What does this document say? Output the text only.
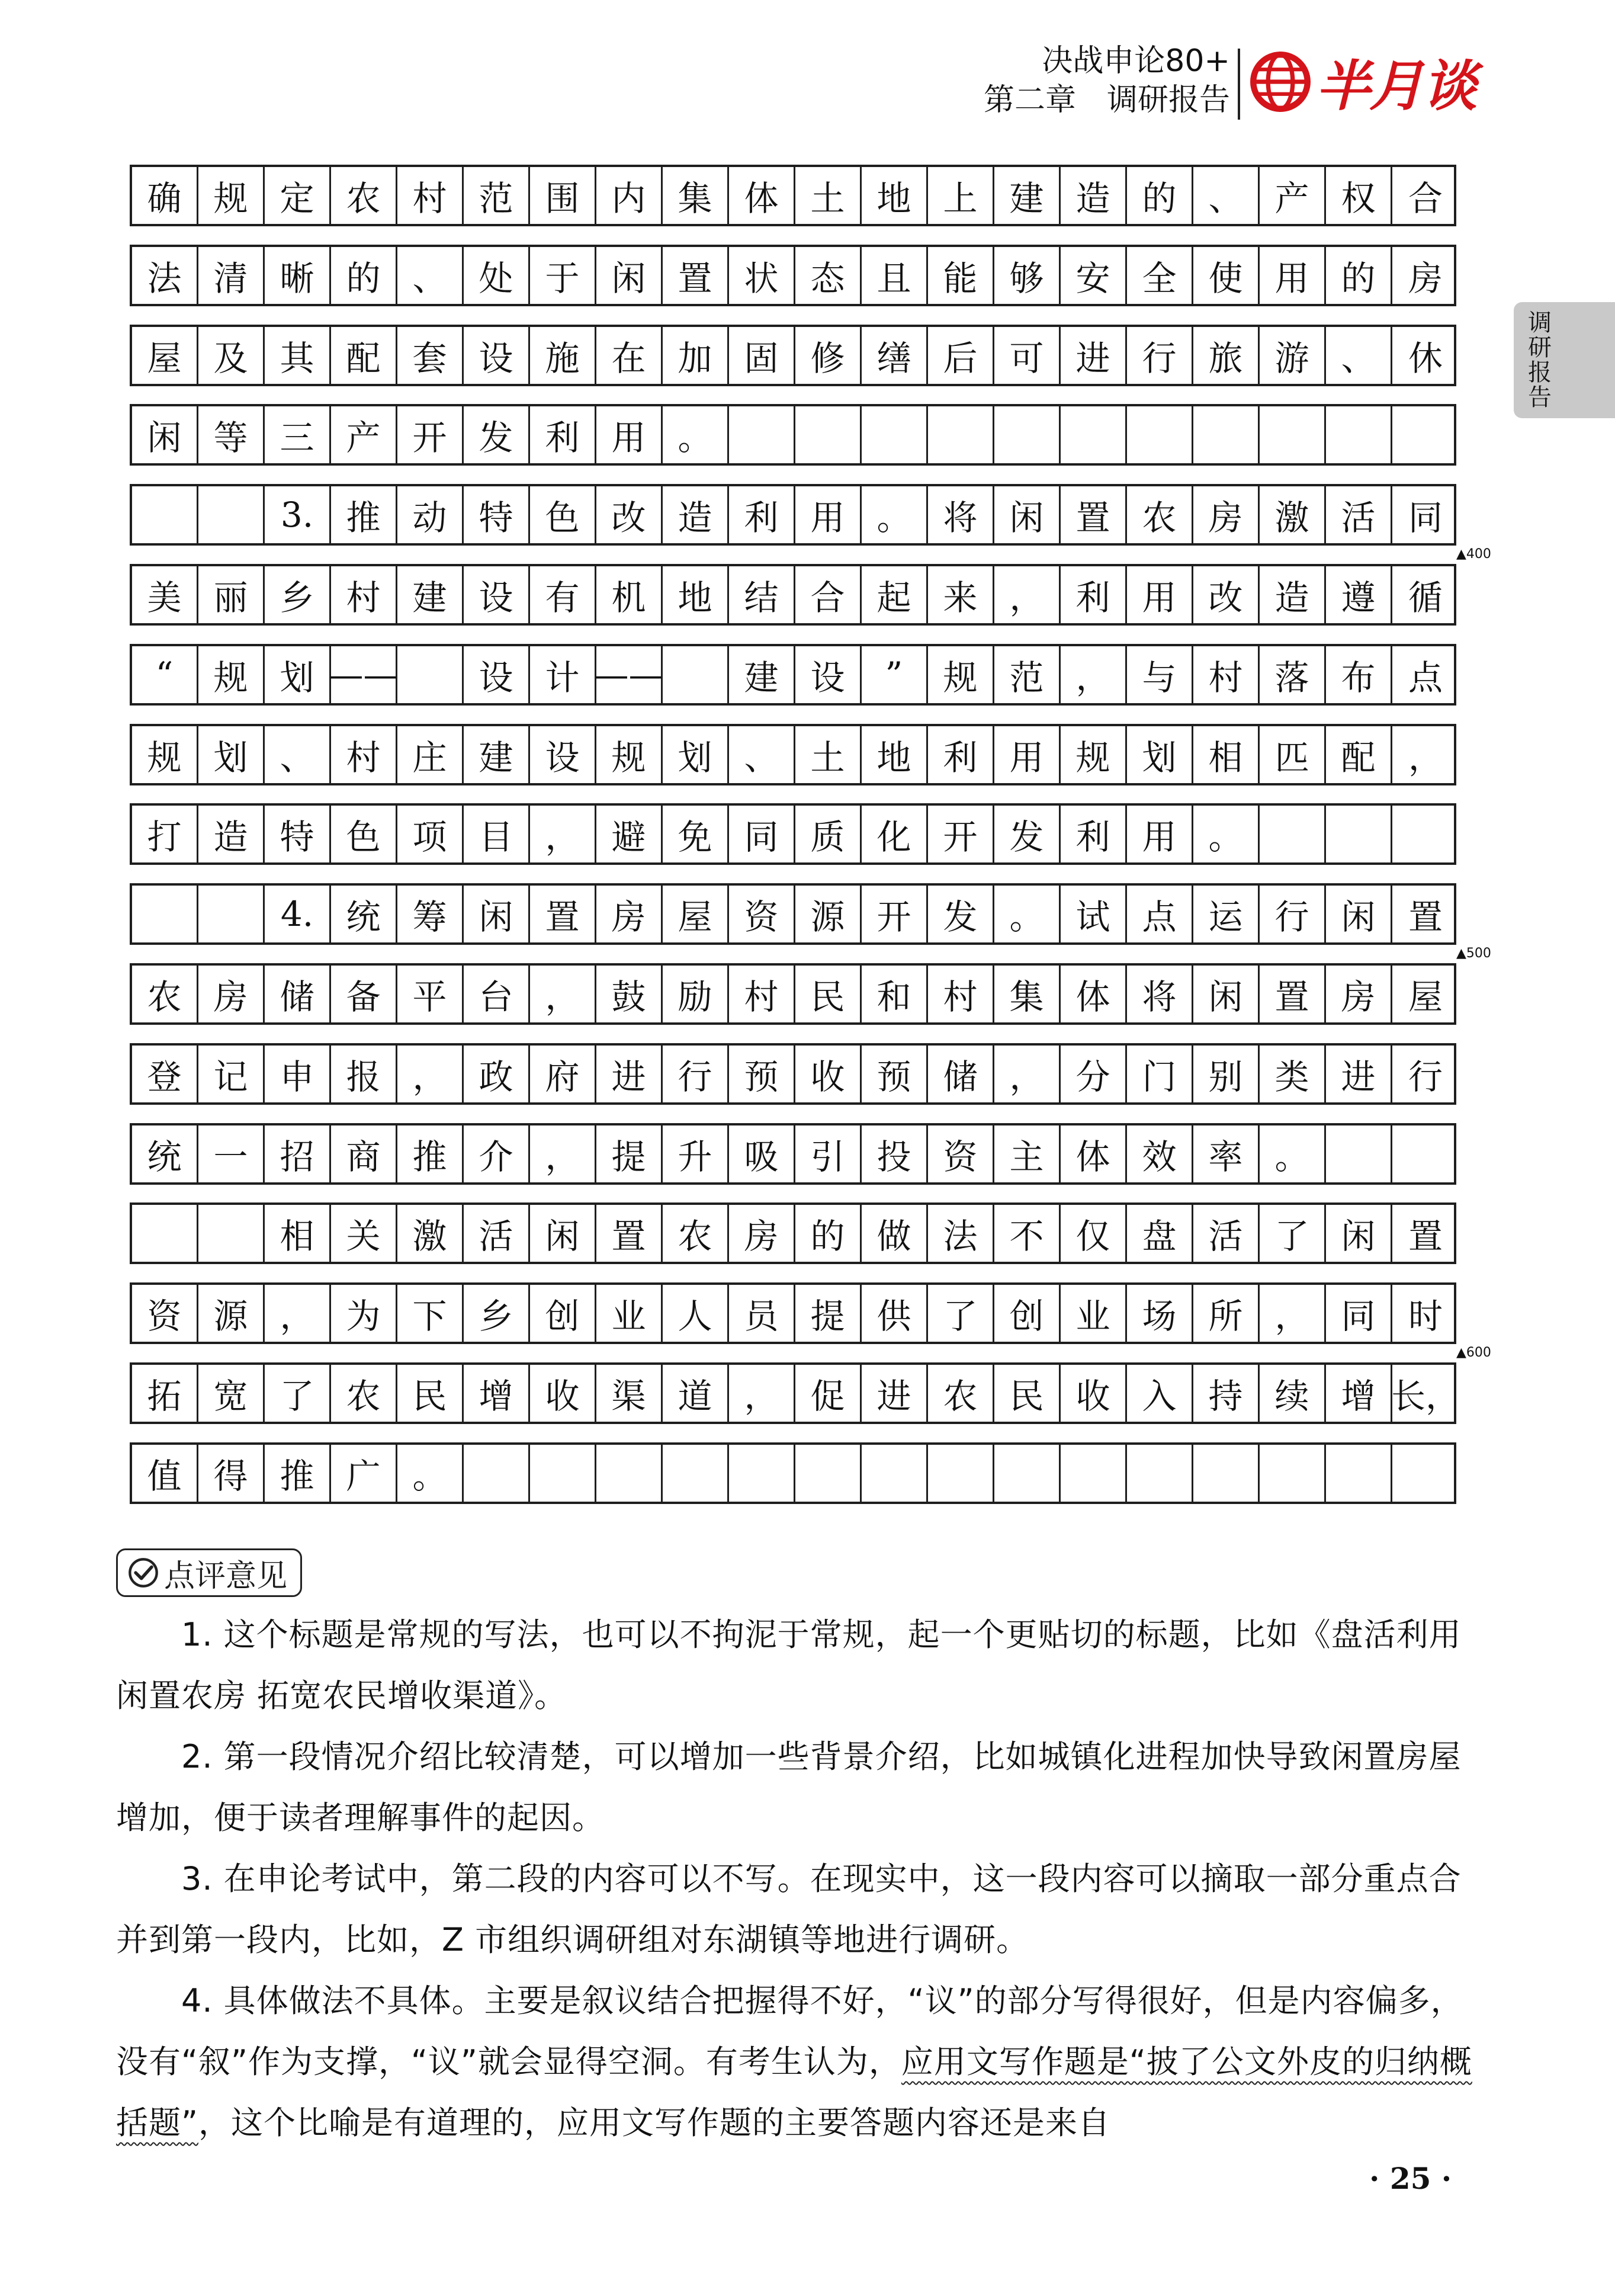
决战申论80+
第二章　调研报告 半月谈
调研报告
确 规 定 农 村 范 围 内 集 体 土 地 上 建 造 的 、 产 权 合
法 清 晰 的 、 处 于 闲 置 状 态 且 能 够 安 全 使 用 的 房
屋 及 其 配 套 设 施 在 加 固 修 缮 后 可 进 行 旅 游 、 休
闲 等 三 产 开 发 利 用 。
3. 推 动 特 色 改 造 利 用 。 将 闲 置 农 房 激 活 同
美 丽 乡 村 建 设 有 机 地 结 合 起 来 ， 利 用 改 造 遵 循
“	规 划 ——	设 计 ——	建 设	”	规 范 ， 与 村 落 布 点
规 划 、 村 庄 建 设 规 划 、 土 地 利 用 规 划 相 匹 配 ，
打 造 特 色 项 目 ， 避 免 同 质 化 开 发 利 用 。
4. 统 筹 闲 置 房 屋 资 源 开 发 。 试 点 运 行 闲 置
农 房 储 备 平 台 ， 鼓 励 村 民 和 村 集 体 将 闲 置 房 屋
登 记 申 报 ， 政 府 进 行 预 收 预 储 ， 分 门 别 类 进 行
统 一 招 商 推 介 ， 提 升 吸 引 投 资 主 体 效 率 。
相 关 激 活 闲 置 农 房 的 做 法 不 仅 盘 活 了 闲 置
资 源 ， 为 下 乡 创 业 人 员 提 供 了 创 业 场 所 ， 同 时
拓 宽 了 农 民 增 收 渠 道 ， 促 进 农 民 收 入 持 续 增 长，
值 得 推 广 。
▲400
▲500
▲600
点评意见

1. 这个标题是常规的写法，也可以不拘泥于常规，起一个更贴切的标题，比如《盘活利用闲置农房 拓宽农民增收渠道》。

2. 第一段情况介绍比较清楚，可以增加一些背景介绍，比如城镇化进程加快导致闲置房屋增加，便于读者理解事件的起因。

3. 在申论考试中，第二段的内容可以不写。在现实中，这一段内容可以摘取一部分重点合并到第一段内，比如，Z 市组织调研组对东湖镇等地进行调研。

4. 具体做法不具体。主要是叙议结合把握得不好，“议”的部分写得很好，但是内容偏多，没有“叙”作为支撑，“议”就会显得空洞。有考生认为，应用文写作题是“披了公文外皮的归纳概括题”，这个比喻是有道理的，应用文写作题的主要答题内容还是来自

· 25 ·
